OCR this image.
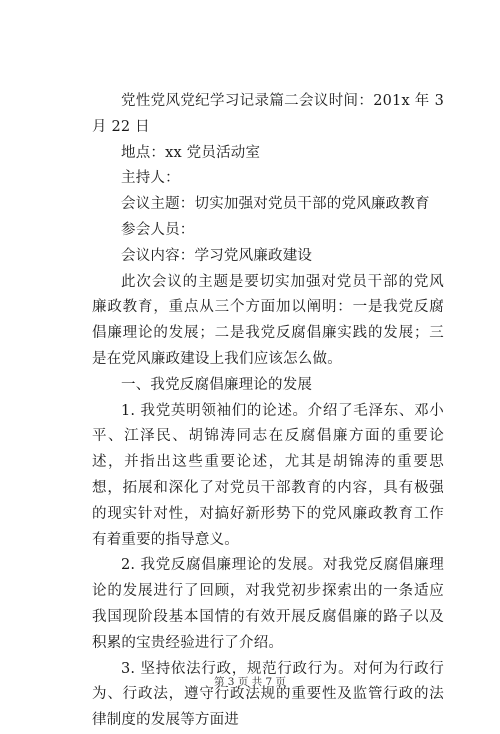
党性党风党纪学习记录篇二会议时间：201x 年 3 月 22 日

地点：xx 党员活动室

主持人：

会议主题：切实加强对党员干部的党风廉政教育

参会人员：

会议内容：学习党风廉政建设

此次会议的主题是要切实加强对党员干部的党风廉政教育，重点从三个方面加以阐明：一是我党反腐倡廉理论的发展；二是我党反腐倡廉实践的发展；三是在党风廉政建设上我们应该怎么做。

一、我党反腐倡廉理论的发展

1. 我党英明领袖们的论述。介绍了毛泽东、邓小平、江泽民、胡锦涛同志在反腐倡廉方面的重要论述，并指出这些重要论述，尤其是胡锦涛的重要思想，拓展和深化了对党员干部教育的内容，具有极强的现实针对性，对搞好新形势下的党风廉政教育工作有着重要的指导意义。

2. 我党反腐倡廉理论的发展。对我党反腐倡廉理论的发展进行了回顾，对我党初步探索出的一条适应我国现阶段基本国情的有效开展反腐倡廉的路子以及积累的宝贵经验进行了介绍。

3. 坚持依法行政，规范行政行为。对何为行政行为、行政法，遵守行政法规的重要性及监管行政的法律制度的发展等方面进

第 3 页 共 7 页
